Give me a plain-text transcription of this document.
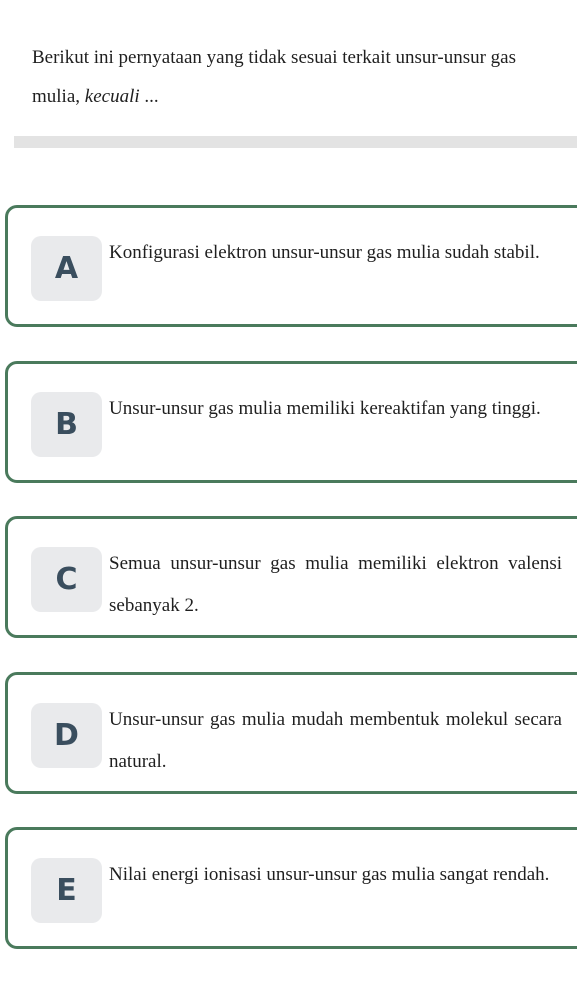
Berikut ini pernyataan yang tidak sesuai terkait unsur-unsur gas mulia, kecuali ...
A	Konfigurasi elektron unsur-unsur gas mulia sudah stabil.
B	Unsur-unsur gas mulia memiliki kereaktifan yang tinggi.
C	Semua unsur-unsur gas mulia memiliki elektron valensi sebanyak 2.
D	Unsur-unsur gas mulia mudah membentuk molekul secara natural.
E	Nilai energi ionisasi unsur-unsur gas mulia sangat rendah.
